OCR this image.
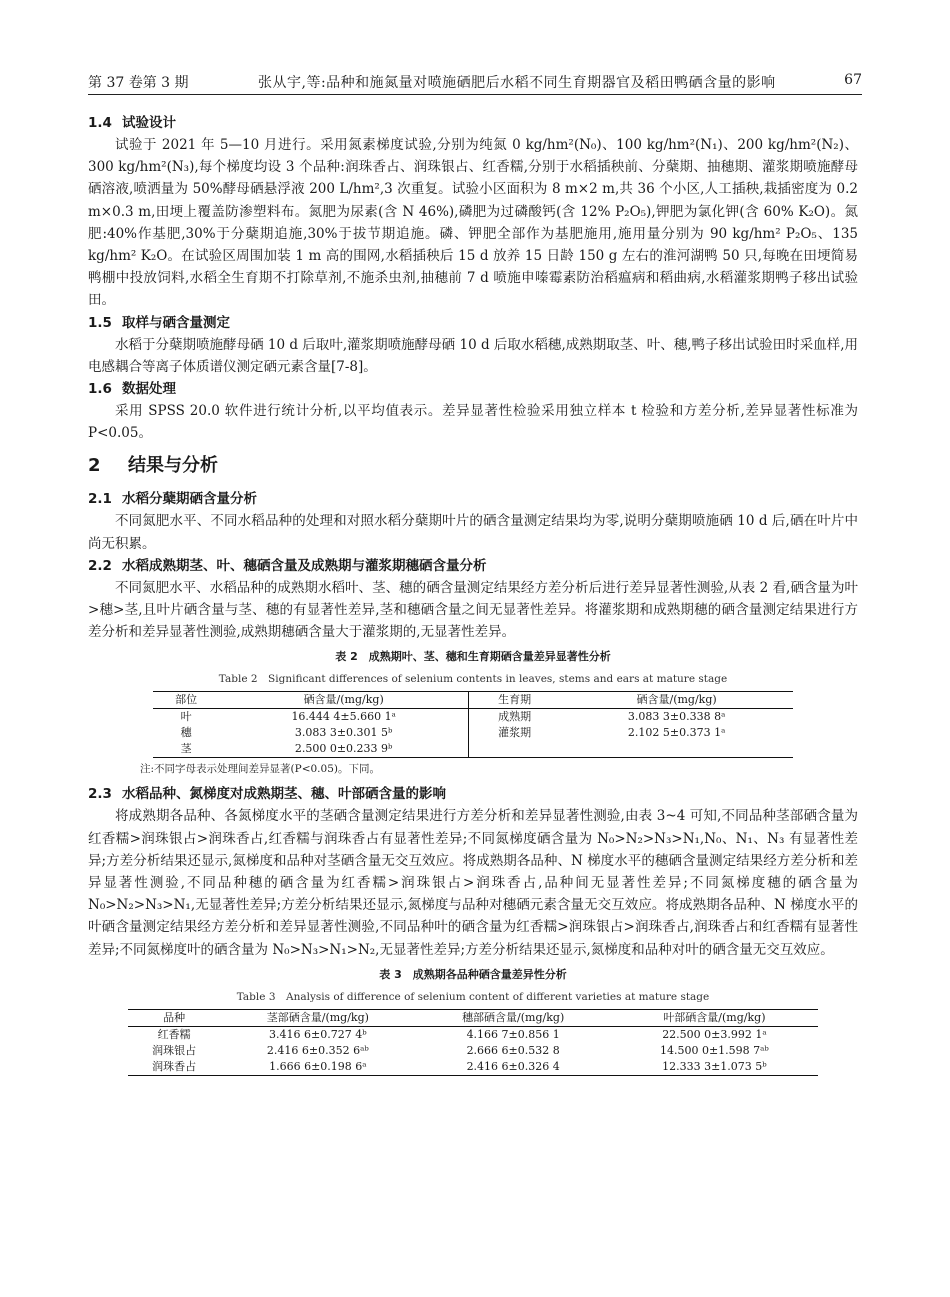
第 37 卷第 3 期	张从宇,等:品种和施氮量对喷施硒肥后水稻不同生育期器官及稻田鸭硒含量的影响	67
1.4 试验设计

试验于 2021 年 5—10 月进行。采用氮素梯度试验,分别为纯氮 0 kg/hm²(N₀)、100 kg/hm²(N₁)、200 kg/hm²(N₂)、300 kg/hm²(N₃),每个梯度均设 3 个品种:润珠香占、润珠银占、红香糯,分别于水稻插秧前、分蘖期、抽穗期、灌浆期喷施酵母硒溶液,喷洒量为 50%酵母硒悬浮液 200 L/hm²,3 次重复。试验小区面积为 8 m×2 m,共 36 个小区,人工插秧,栽插密度为 0.2 m×0.3 m,田埂上覆盖防渗塑料布。氮肥为尿素(含 N 46%),磷肥为过磷酸钙(含 12% P₂O₅),钾肥为氯化钾(含 60% K₂O)。氮肥:40%作基肥,30%于分蘖期追施,30%于拔节期追施。磷、钾肥全部作为基肥施用,施用量分别为 90 kg/hm² P₂O₅、135 kg/hm² K₂O。在试验区周围加装 1 m 高的围网,水稻插秧后 15 d 放养 15 日龄 150 g 左右的淮河湖鸭 50 只,每晚在田埂简易鸭棚中投放饲料,水稻全生育期不打除草剂,不施杀虫剂,抽穗前 7 d 喷施申嗪霉素防治稻瘟病和稻曲病,水稻灌浆期鸭子移出试验田。

1.5 取样与硒含量测定

水稻于分蘖期喷施酵母硒 10 d 后取叶,灌浆期喷施酵母硒 10 d 后取水稻穗,成熟期取茎、叶、穗,鸭子移出试验田时采血样,用电感耦合等离子体质谱仪测定硒元素含量[7-8]。

1.6 数据处理

采用 SPSS 20.0 软件进行统计分析,以平均值表示。差异显著性检验采用独立样本 t 检验和方差分析,差异显著性标准为 P<0.05。

2 结果与分析
2.1 水稻分蘖期硒含量分析

不同氮肥水平、不同水稻品种的处理和对照水稻分蘖期叶片的硒含量测定结果均为零,说明分蘖期喷施硒 10 d 后,硒在叶片中尚无积累。

2.2 水稻成熟期茎、叶、穗硒含量及成熟期与灌浆期穗硒含量分析

不同氮肥水平、水稻品种的成熟期水稻叶、茎、穗的硒含量测定结果经方差分析后进行差异显著性测验,从表 2 看,硒含量为叶>穗>茎,且叶片硒含量与茎、穗的有显著性差异,茎和穗硒含量之间无显著性差异。将灌浆期和成熟期穗的硒含量测定结果进行方差分析和差异显著性测验,成熟期穗硒含量大于灌浆期的,无显著性差异。

表 2　成熟期叶、茎、穗和生育期硒含量差异显著性分析
Table 2　Significant differences of selenium contents in leaves, stems and ears at mature stage
部位	硒含量/(mg/kg)	生育期	硒含量/(mg/kg)
叶	16.444 4±5.660 1ᵃ	成熟期	3.083 3±0.338 8ᵃ
穗	3.083 3±0.301 5ᵇ	灌浆期	2.102 5±0.373 1ᵃ
茎	2.500 0±0.233 9ᵇ		
注:不同字母表示处理间差异显著(P<0.05)。下同。
2.3 水稻品种、氮梯度对成熟期茎、穗、叶部硒含量的影响

将成熟期各品种、各氮梯度水平的茎硒含量测定结果进行方差分析和差异显著性测验,由表 3~4 可知,不同品种茎部硒含量为红香糯>润珠银占>润珠香占,红香糯与润珠香占有显著性差异;不同氮梯度硒含量为 N₀>N₂>N₃>N₁,N₀、N₁、N₃ 有显著性差异;方差分析结果还显示,氮梯度和品种对茎硒含量无交互效应。将成熟期各品种、N 梯度水平的穗硒含量测定结果经方差分析和差异显著性测验,不同品种穗的硒含量为红香糯>润珠银占>润珠香占,品种间无显著性差异;不同氮梯度穗的硒含量为 N₀>N₂>N₃>N₁,无显著性差异;方差分析结果还显示,氮梯度与品种对穗硒元素含量无交互效应。将成熟期各品种、N 梯度水平的叶硒含量测定结果经方差分析和差异显著性测验,不同品种叶的硒含量为红香糯>润珠银占>润珠香占,润珠香占和红香糯有显著性差异;不同氮梯度叶的硒含量为 N₀>N₃>N₁>N₂,无显著性差异;方差分析结果还显示,氮梯度和品种对叶的硒含量无交互效应。

表 3　成熟期各品种硒含量差异性分析
Table 3　Analysis of difference of selenium content of different varieties at mature stage
品种	茎部硒含量/(mg/kg)	穗部硒含量/(mg/kg)	叶部硒含量/(mg/kg)
红香糯	3.416 6±0.727 4ᵇ	4.166 7±0.856 1	22.500 0±3.992 1ᵃ
润珠银占	2.416 6±0.352 6ᵃᵇ	2.666 6±0.532 8	14.500 0±1.598 7ᵃᵇ
润珠香占	1.666 6±0.198 6ᵃ	2.416 6±0.326 4	12.333 3±1.073 5ᵇ
